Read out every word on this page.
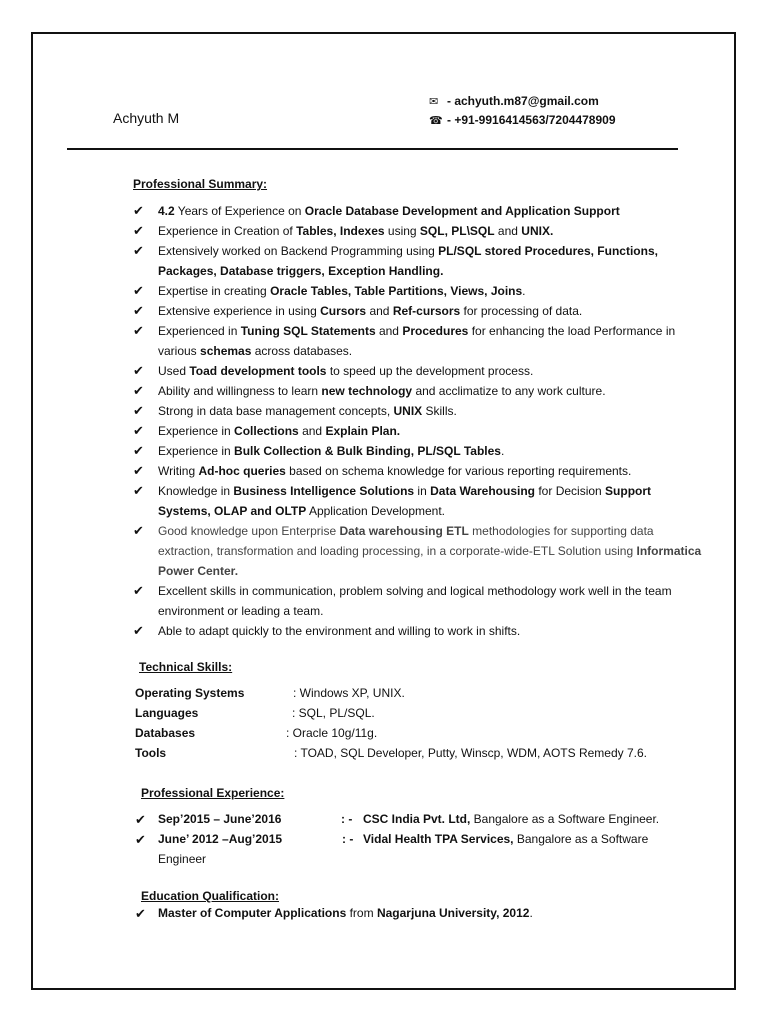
Achyuth M
✉ - achyuth.m87@gmail.com
☎ - +91-9916414563/7204478909
Professional Summary:
✔ 4.2 Years of Experience on Oracle Database Development and Application Support
✔ Experience in Creation of Tables, Indexes using SQL, PL\SQL and UNIX.
✔ Extensively worked on Backend Programming using PL/SQL stored Procedures, Functions, Packages, Database triggers, Exception Handling.
✔ Expertise in creating Oracle Tables, Table Partitions, Views, Joins.
✔ Extensive experience in using Cursors and Ref-cursors for processing of data.
✔ Experienced in Tuning SQL Statements and Procedures for enhancing the load Performance in various schemas across databases.
✔ Used Toad development tools to speed up the development process.
✔ Ability and willingness to learn new technology and acclimatize to any work culture.
✔ Strong in data base management concepts, UNIX Skills.
✔ Experience in Collections and Explain Plan.
✔ Experience in Bulk Collection & Bulk Binding, PL/SQL Tables.
✔ Writing Ad-hoc queries based on schema knowledge for various reporting requirements.
✔ Knowledge in Business Intelligence Solutions in Data Warehousing for Decision Support Systems, OLAP and OLTP Application Development.
✔ Good knowledge upon Enterprise Data warehousing ETL methodologies for supporting data extraction, transformation and loading processing, in a corporate-wide-ETL Solution using Informatica Power Center.
✔ Excellent skills in communication, problem solving and logical methodology work well in the team environment or leading a team.
✔ Able to adapt quickly to the environment and willing to work in shifts.
Technical Skills:
Operating Systems	: Windows XP, UNIX.
Languages	: SQL, PL/SQL.
Databases	: Oracle 10g/11g.
Tools	: TOAD, SQL Developer, Putty, Winscp, WDM, AOTS Remedy 7.6.
Professional Experience:
✔ Sep’2015 – June’2016	: - CSC India Pvt. Ltd, Bangalore as a Software Engineer.
✔ June’ 2012 –Aug’2015	: - Vidal Health TPA Services, Bangalore as a Software
Engineer
Education Qualification:
✔ Master of Computer Applications from Nagarjuna University, 2012.
